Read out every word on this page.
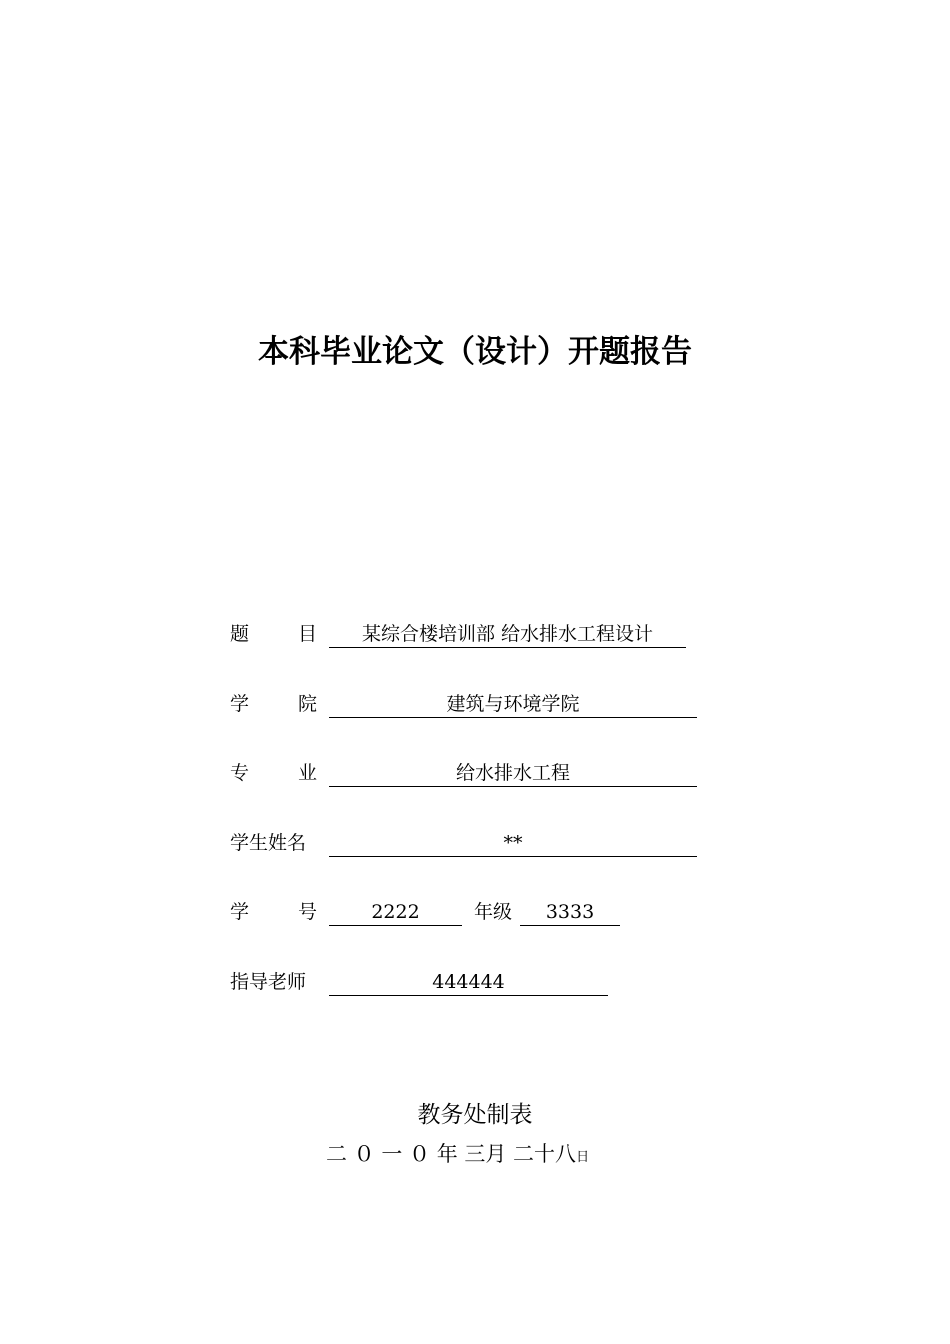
本科毕业论文（设计）开题报告
题	目	某综合楼培训部 给水排水工程设计
学	院	建筑与环境学院
专	业	给水排水工程
学生姓名	**
学	号	2222	年级	3333
指导老师	444444
教务处制表
二 ０ 一 ０ 年 三月 二十八日
